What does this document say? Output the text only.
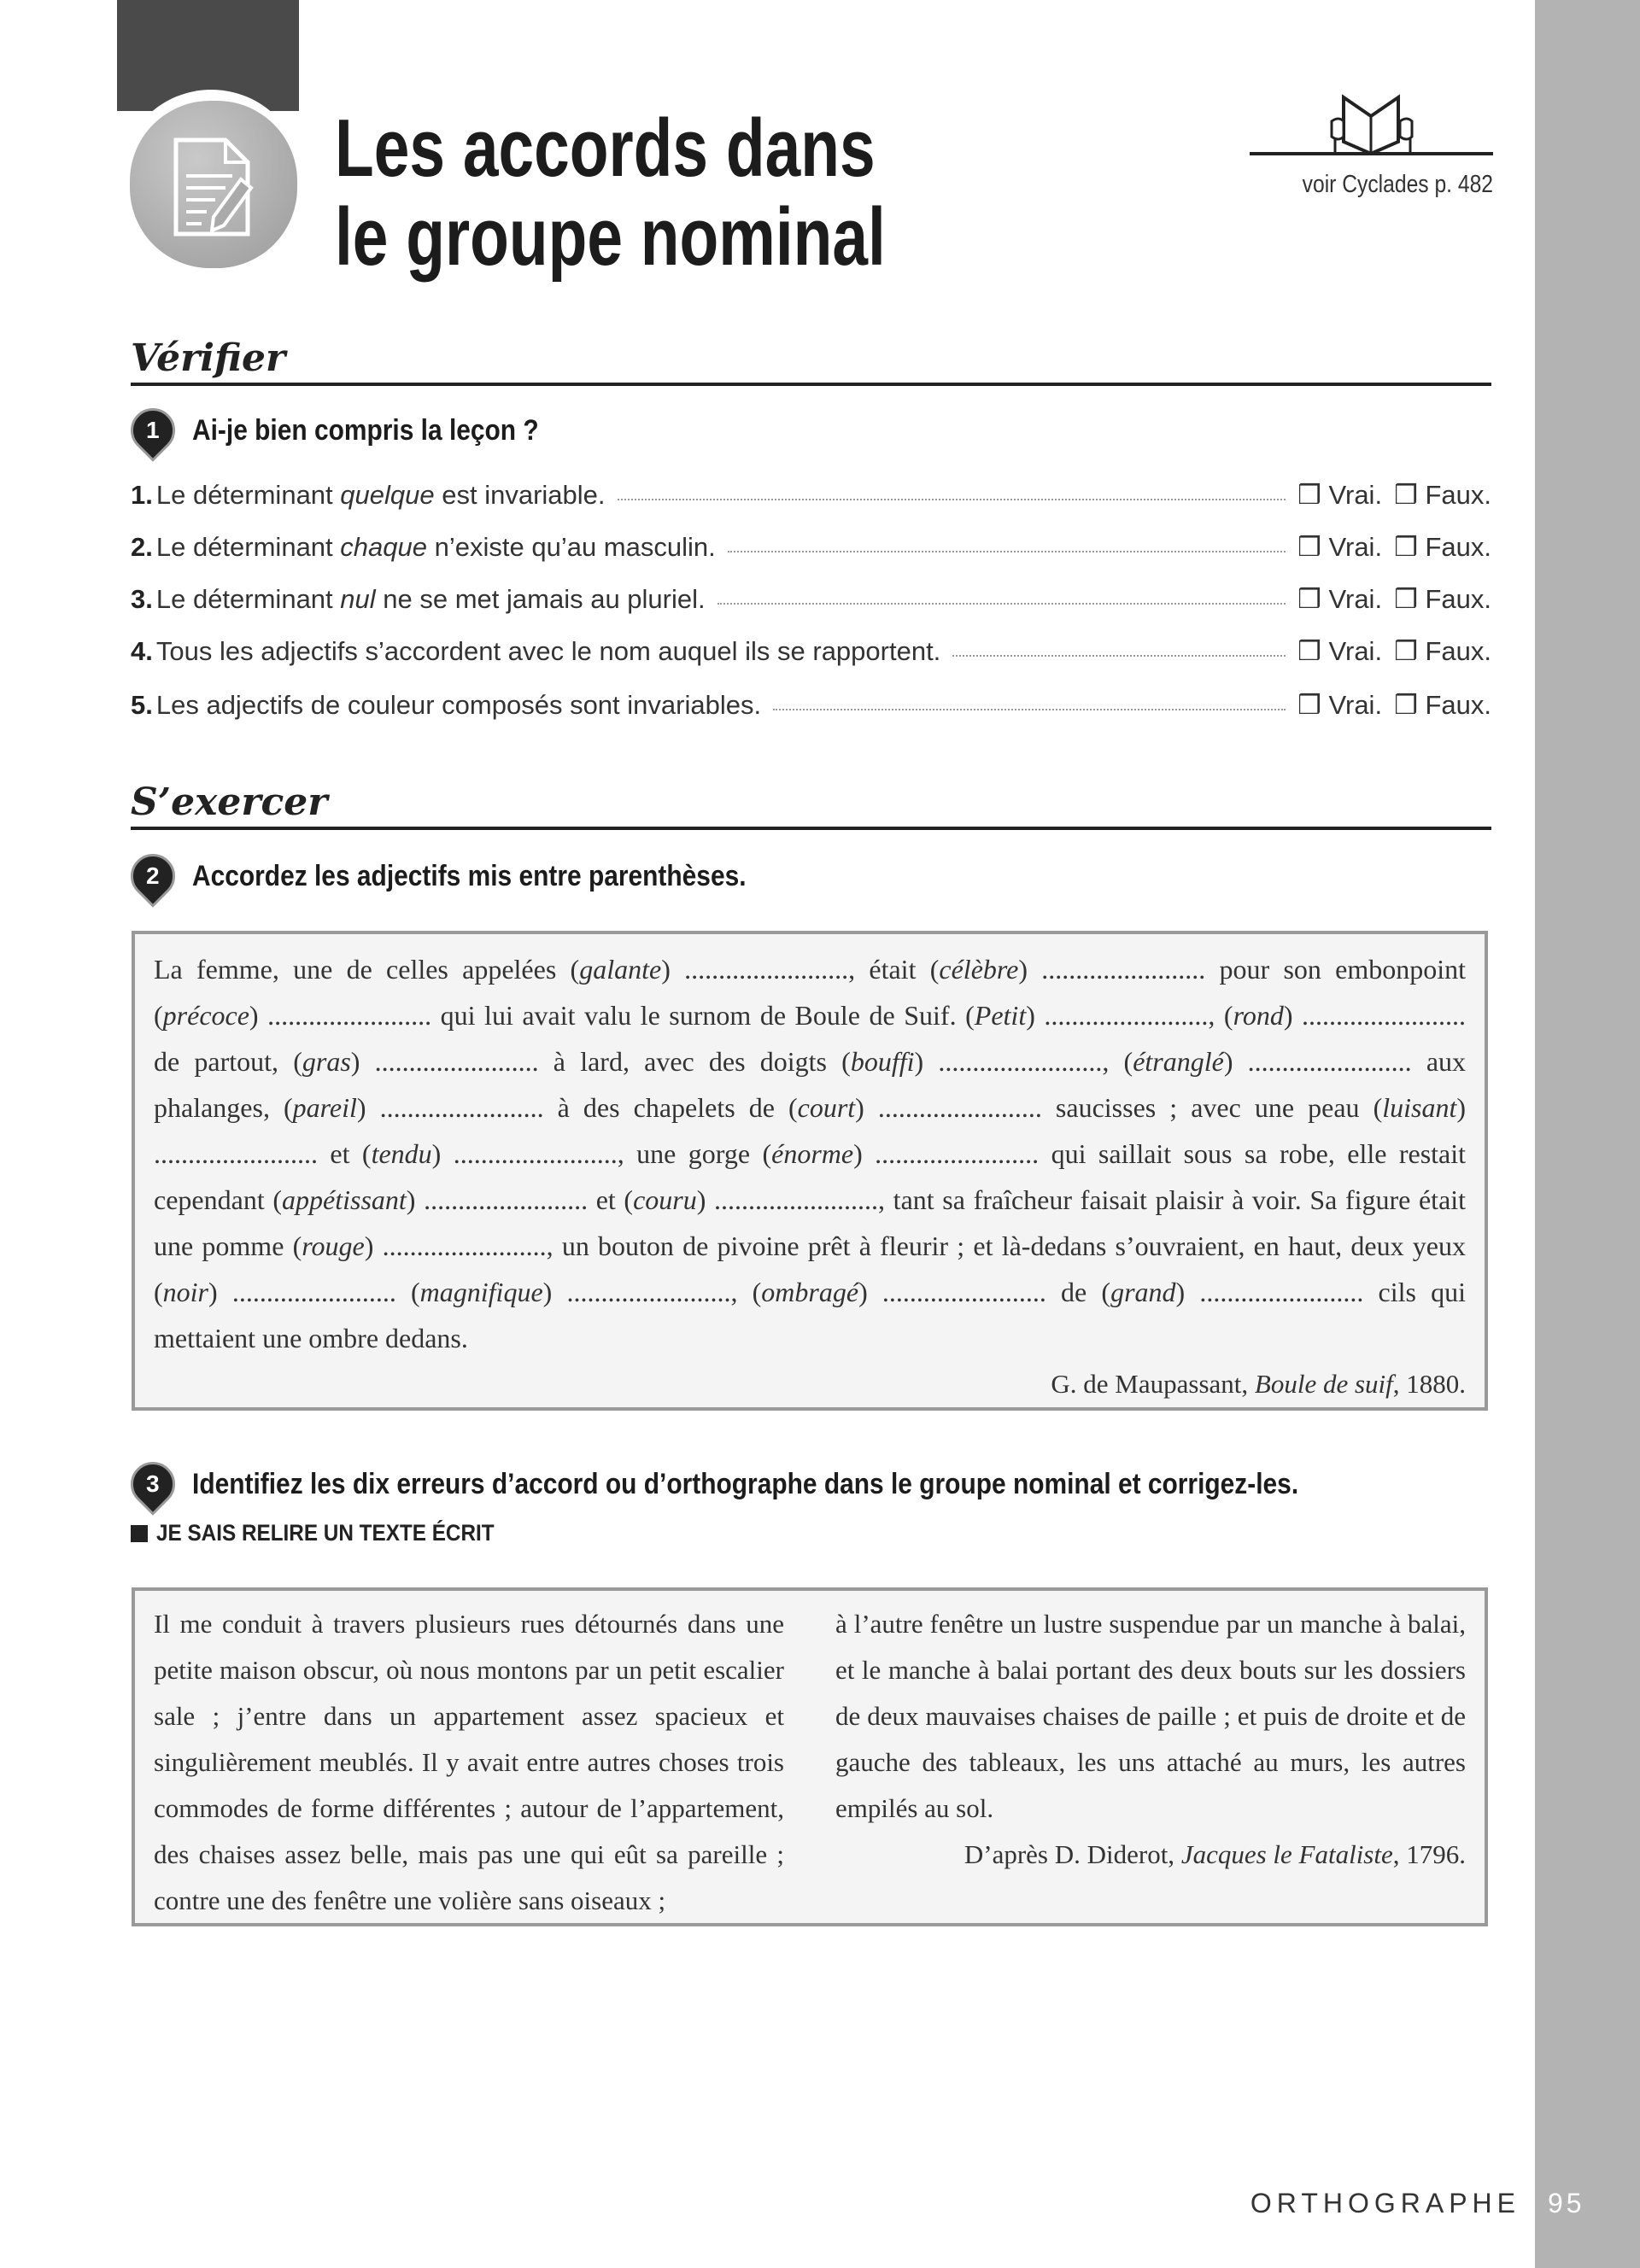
Les accords dans
le groupe nominal
voir Cyclades p. 482
Vérifier
1 Ai-je bien compris la leçon ?
1. Le déterminant quelque est invariable.	❒ Vrai. ❒ Faux.
2. Le déterminant chaque n’existe qu’au masculin.	❒ Vrai. ❒ Faux.
3. Le déterminant nul ne se met jamais au pluriel.	❒ Vrai. ❒ Faux.
4. Tous les adjectifs s’accordent avec le nom auquel ils se rapportent.	❒ Vrai. ❒ Faux.
5. Les adjectifs de couleur composés sont invariables.	❒ Vrai. ❒ Faux.
S’exercer
2 Accordez les adjectifs mis entre parenthèses.
La femme, une de celles appelées (galante) ........................, était (célèbre) ........................ pour son embonpoint (précoce) ........................ qui lui avait valu le surnom de Boule de Suif. (Petit) ........................, (rond) ........................ de partout, (gras) ........................ à lard, avec des doigts (bouffi) ........................, (étranglé) ........................ aux phalanges, (pareil) ........................ à des chapelets de (court) ........................ saucisses ; avec une peau (luisant) ........................ et (tendu) ........................, une gorge (énorme) ........................ qui saillait sous sa robe, elle restait cependant (appétissant) ........................ et (couru) ........................, tant sa fraîcheur faisait plaisir à voir. Sa figure était une pomme (rouge) ........................, un bouton de pivoine prêt à fleurir ; et là-dedans s’ouvraient, en haut, deux yeux (noir) ........................ (magnifique) ........................, (ombragé) ........................ de (grand) ........................ cils qui mettaient une ombre dedans.
G. de Maupassant, Boule de suif, 1880.
3 Identifiez les dix erreurs d’accord ou d’orthographe dans le groupe nominal et corrigez-les.
JE SAIS RELIRE UN TEXTE ÉCRIT
Il me conduit à travers plusieurs rues détournés dans une petite maison obscur, où nous montons par un petit escalier sale ; j’entre dans un appartement assez spacieux et singulièrement meublés. Il y avait entre autres choses trois commodes de forme différentes ; autour de l’appartement, des chaises assez belle, mais pas une qui eût sa pareille ; contre une des fenêtre une volière sans oiseaux ;
à l’autre fenêtre un lustre suspendue par un manche à balai, et le manche à balai portant des deux bouts sur les dossiers de deux mauvaises chaises de paille ; et puis de droite et de gauche des tableaux, les uns attaché au murs, les autres empilés au sol.
D’après D. Diderot, Jacques le Fataliste, 1796.
ORTHOGRAPHE 95
